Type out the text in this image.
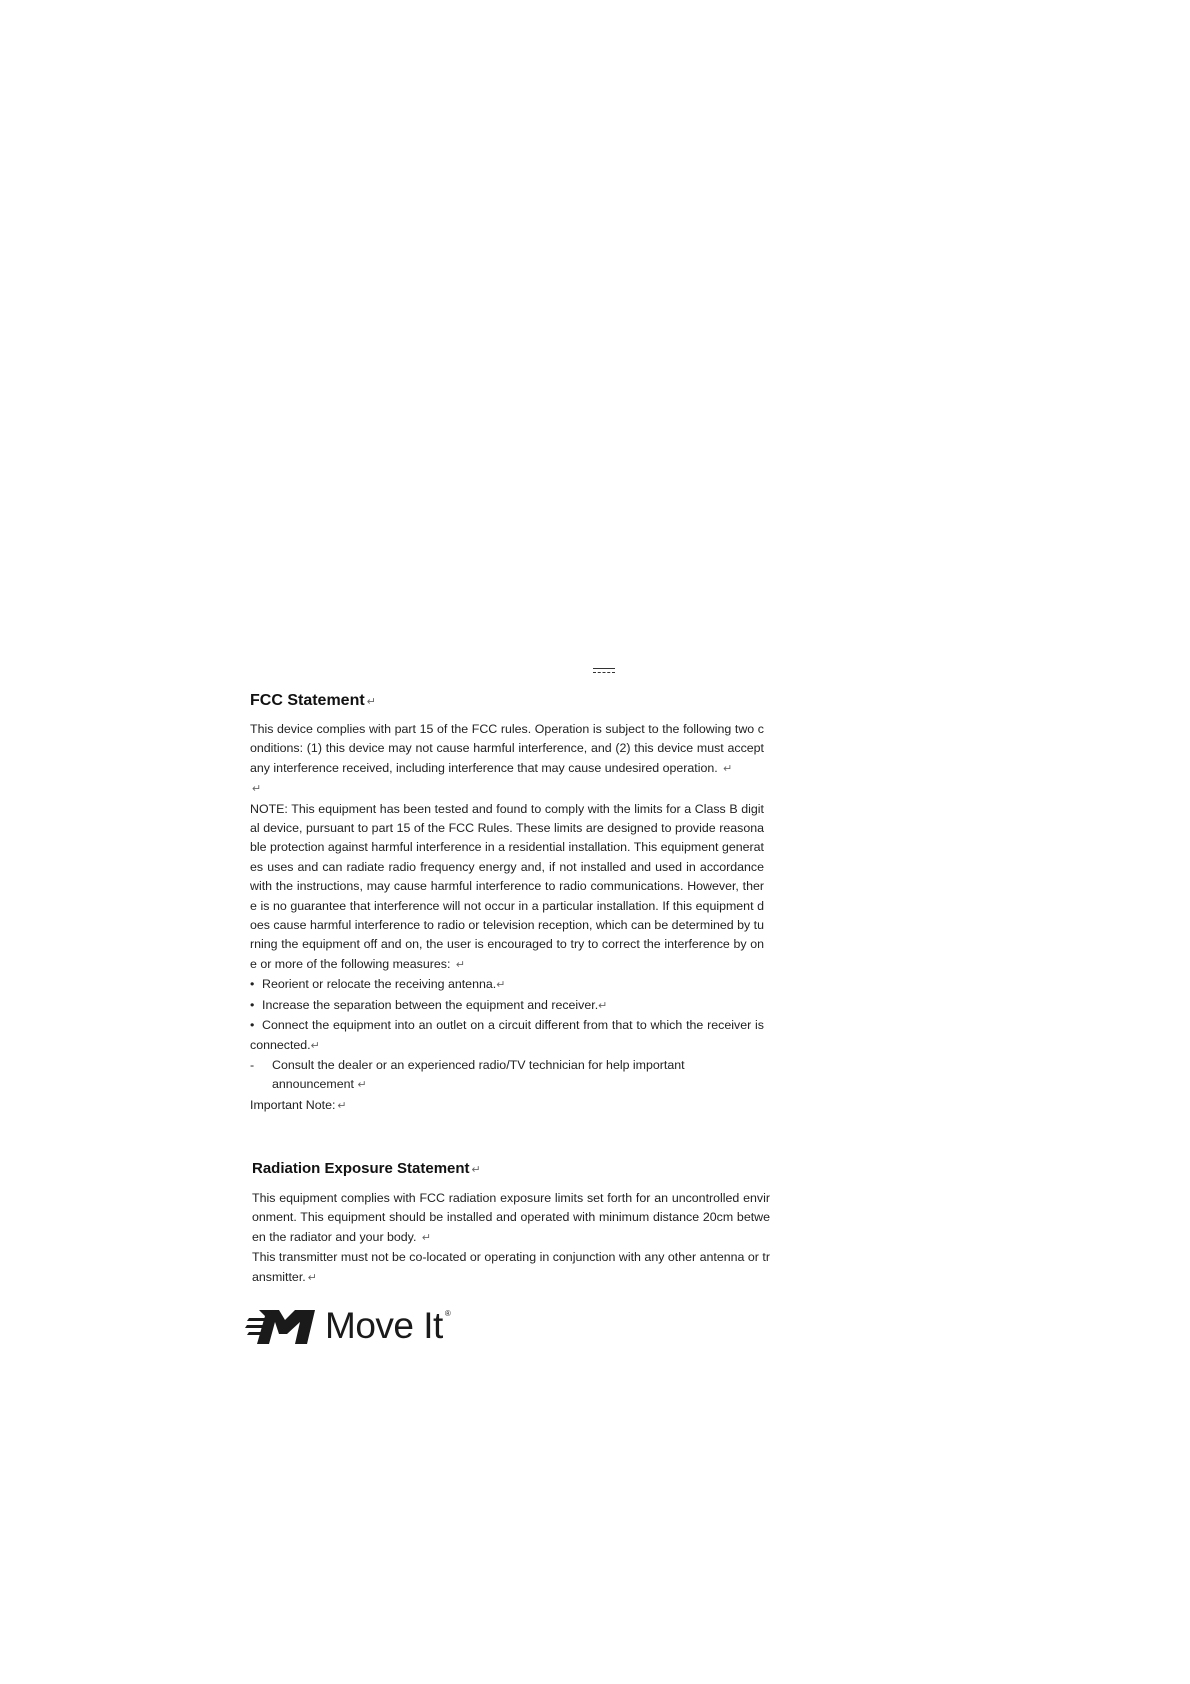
FCC Statement ↵

This device complies with part 15 of the FCC rules. Operation is subject to the following two conditions: (1) this device may not cause harmful interference, and (2) this device must accept any interference received, including interference that may cause undesired operation. ↵

↵

NOTE: This equipment has been tested and found to comply with the limits for a Class B digital device, pursuant to part 15 of the FCC Rules. These limits are designed to provide reasonable protection against harmful interference in a residential installation. This equipment generates uses and can radiate radio frequency energy and, if not installed and used in accordance with the instructions, may cause harmful interference to radio communications. However, there is no guarantee that interference will not occur in a particular installation. If this equipment does cause harmful interference to radio or television reception, which can be determined by turning the equipment off and on, the user is encouraged to try to correct the interference by one or more of the following measures: ↵

• Reorient or relocate the receiving antenna.↵

• Increase the separation between the equipment and receiver.↵

• Connect the equipment into an outlet on a circuit different from that to which the receiver is connected.↵

-	Consult the dealer or an experienced radio/TV technician for help important announcement ↵

Important Note: ↵

Radiation Exposure Statement ↵

This equipment complies with FCC radiation exposure limits set forth for an uncontrolled environment. This equipment should be installed and operated with minimum distance 20cm between the radiator and your body. ↵

This transmitter must not be co-located or operating in conjunction with any other antenna or transmitter. ↵

Move It ®
